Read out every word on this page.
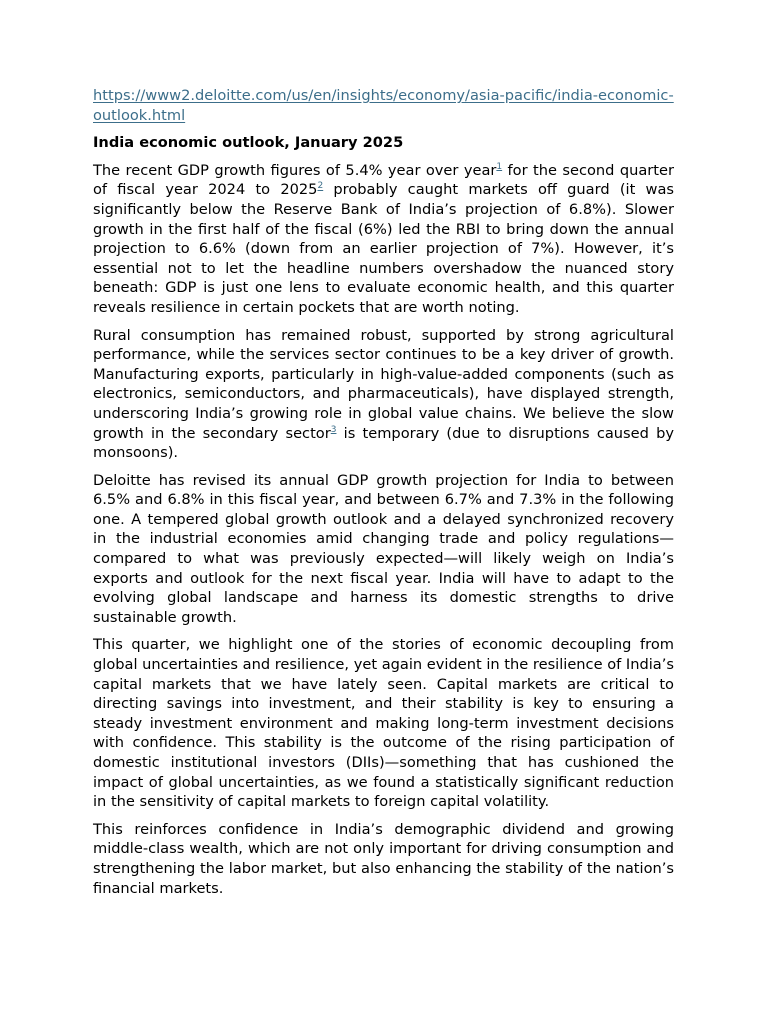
https://www2.deloitte.com/us/en/insights/economy/asia-pacific/india-economic-outlook.html
India economic outlook, January 2025

The recent GDP growth figures of 5.4% year over year$^1$ for the second quarter of fiscal year 2024 to 2025$^2$ probably caught markets off guard (it was significantly below the Reserve Bank of India’s projection of 6.8%). Slower growth in the first half of the fiscal (6%) led the RBI to bring down the annual projection to 6.6% (down from an earlier projection of 7%). However, it’s essential not to let the headline numbers overshadow the nuanced story beneath: GDP is just one lens to evaluate economic health, and this quarter reveals resilience in certain pockets that are worth noting.

Rural consumption has remained robust, supported by strong agricultural performance, while the services sector continues to be a key driver of growth. Manufacturing exports, particularly in high-value-added components (such as electronics, semiconductors, and pharmaceuticals), have displayed strength, underscoring India’s growing role in global value chains. We believe the slow growth in the secondary sector$^3$ is temporary (due to disruptions caused by monsoons).

Deloitte has revised its annual GDP growth projection for India to between 6.5% and 6.8% in this fiscal year, and between 6.7% and 7.3% in the following one. A tempered global growth outlook and a delayed synchronized recovery in the industrial economies amid changing trade and policy regulations—compared to what was previously expected—will likely weigh on India’s exports and outlook for the next fiscal year. India will have to adapt to the evolving global landscape and harness its domestic strengths to drive sustainable growth.

This quarter, we highlight one of the stories of economic decoupling from global uncertainties and resilience, yet again evident in the resilience of India’s capital markets that we have lately seen. Capital markets are critical to directing savings into investment, and their stability is key to ensuring a steady investment environment and making long-term investment decisions with confidence. This stability is the outcome of the rising participation of domestic institutional investors (DIIs)—something that has cushioned the impact of global uncertainties, as we found a statistically significant reduction in the sensitivity of capital markets to foreign capital volatility.

This reinforces confidence in India’s demographic dividend and growing middle-class wealth, which are not only important for driving consumption and strengthening the labor market, but also enhancing the stability of the nation’s financial markets.
